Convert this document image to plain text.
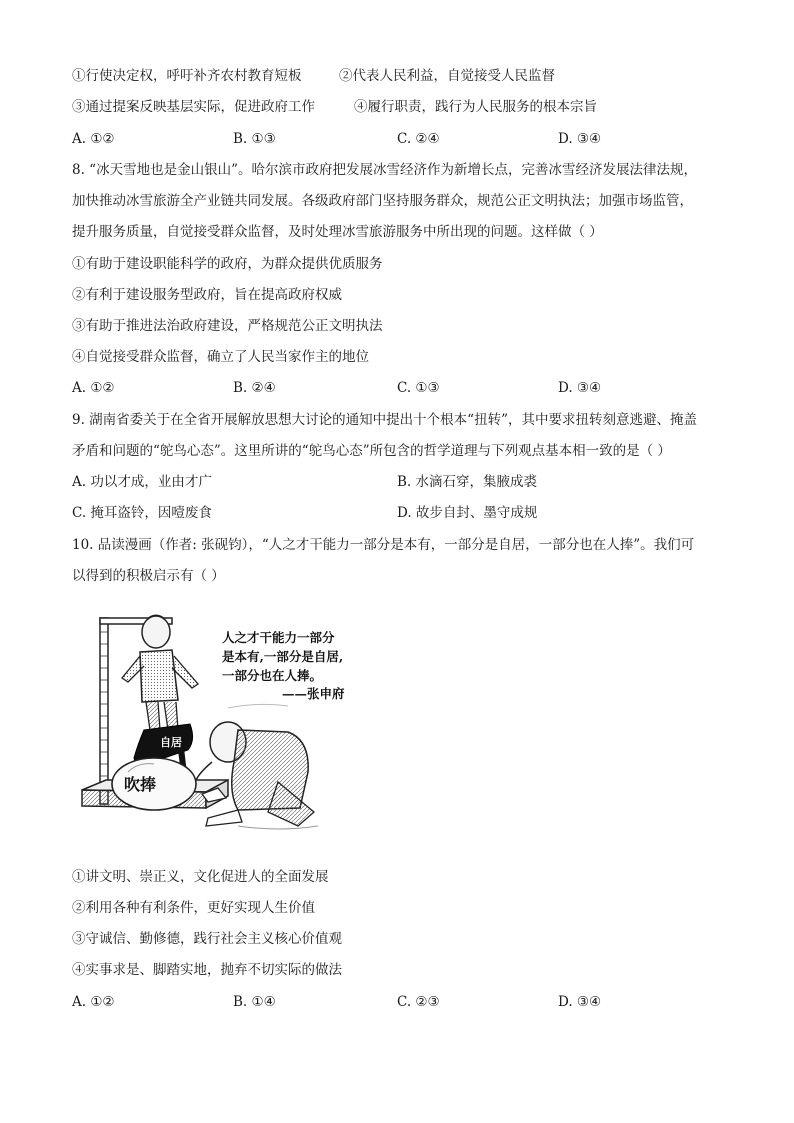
①行使决定权，呼吁补齐农村教育短板	②代表人民利益，自觉接受人民监督
③通过提案反映基层实际，促进政府工作	④履行职责，践行为人民服务的根本宗旨
A. ①②	B. ①③	C. ②④	D. ③④
8. “冰天雪地也是金山银山”。哈尔滨市政府把发展冰雪经济作为新增长点，完善冰雪经济发展法律法规，
加快推动冰雪旅游全产业链共同发展。各级政府部门坚持服务群众，规范公正文明执法；加强市场监管，
提升服务质量，自觉接受群众监督，及时处理冰雪旅游服务中所出现的问题。这样做（ ）
①有助于建设职能科学的政府，为群众提供优质服务
②有利于建设服务型政府，旨在提高政府权威
③有助于推进法治政府建设，严格规范公正文明执法
④自觉接受群众监督，确立了人民当家作主的地位
A. ①②	B. ②④	C. ①③	D. ③④
9. 湖南省委关于在全省开展解放思想大讨论的通知中提出十个根本“扭转”，其中要求扭转刻意逃避、掩盖
矛盾和问题的“鸵鸟心态”。这里所讲的“鸵鸟心态”所包含的哲学道理与下列观点基本相一致的是（ ）
A. 功以才成，业由才广	B. 水滴石穿，集腋成裘
C. 掩耳盗铃，因噎废食	D. 故步自封、墨守成规
10. 品读漫画（作者: 张砚钧），“人之才干能力一部分是本有，一部分是自居，一部分也在人捧”。我们可
以得到的积极启示有（ ）
自居
吹捧
人之才干能力一部分
是本有,一部分是自居,
一部分也在人捧。
——张申府
①讲文明、崇正义，文化促进人的全面发展
②利用各种有利条件，更好实现人生价值
③守诚信、勤修德，践行社会主义核心价值观
④实事求是、脚踏实地，抛弃不切实际的做法
A. ①②	B. ①④	C. ②③	D. ③④
